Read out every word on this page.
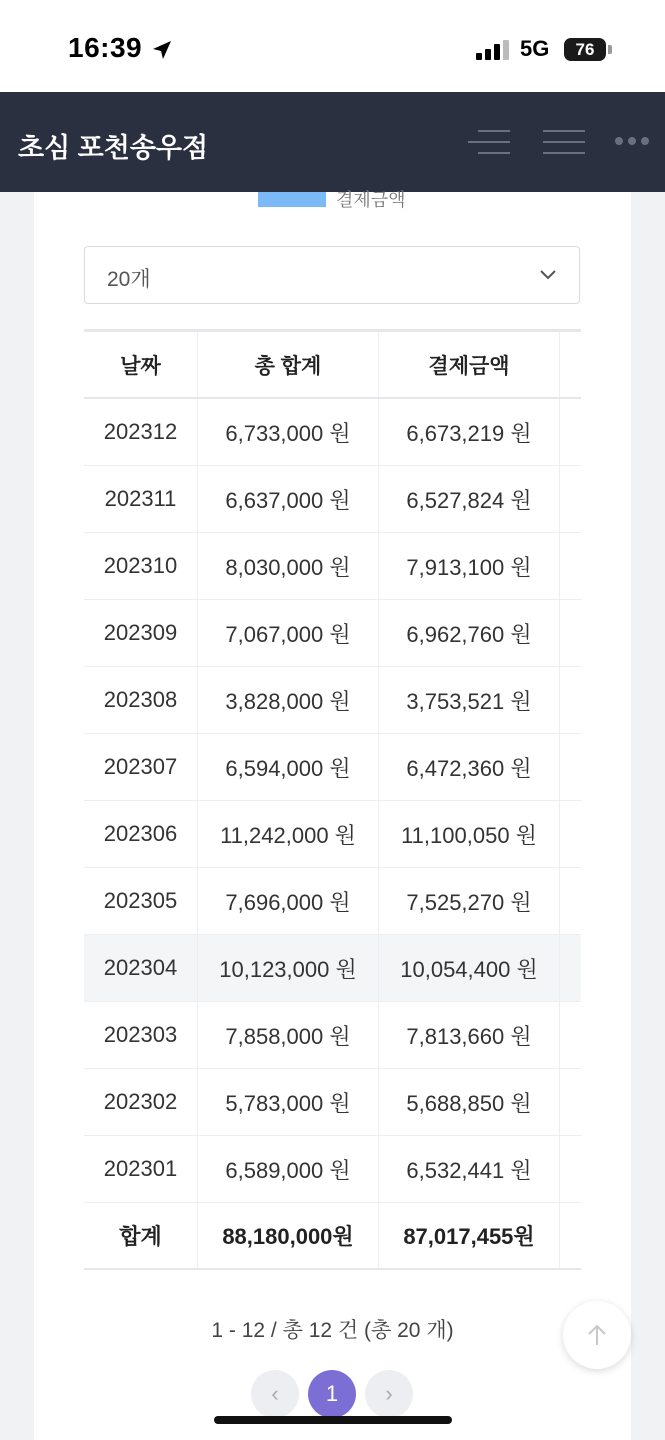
16:39	5G	76
초심 포천송우점
결제금액
20개
날짜	총 합계	결제금액
202312	6,733,000 원	6,673,219 원
202311	6,637,000 원	6,527,824 원
202310	8,030,000 원	7,913,100 원
202309	7,067,000 원	6,962,760 원
202308	3,828,000 원	3,753,521 원
202307	6,594,000 원	6,472,360 원
202306	11,242,000 원	11,100,050 원
202305	7,696,000 원	7,525,270 원
202304	10,123,000 원	10,054,400 원
202303	7,858,000 원	7,813,660 원
202302	5,783,000 원	5,688,850 원
202301	6,589,000 원	6,532,441 원
합계	88,180,000원	87,017,455원
1 - 12 / 총 12 건 (총 20 개)
‹	1	›
